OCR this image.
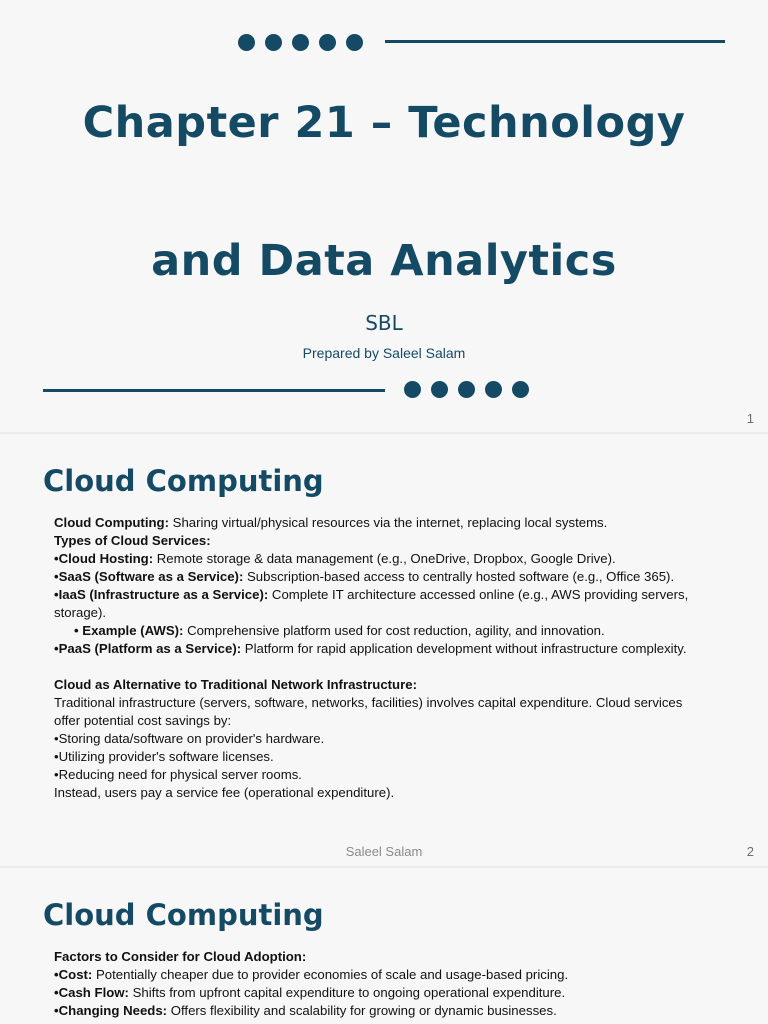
Chapter 21 – Technology
and Data Analytics
SBL
Prepared by Saleel Salam
1
Cloud Computing

Cloud Computing: Sharing virtual/physical resources via the internet, replacing local systems.

Types of Cloud Services:

•Cloud Hosting: Remote storage & data management (e.g., OneDrive, Dropbox, Google Drive).

•SaaS (Software as a Service): Subscription-based access to centrally hosted software (e.g., Office 365).

•IaaS (Infrastructure as a Service): Complete IT architecture accessed online (e.g., AWS providing servers, storage).

• Example (AWS): Comprehensive platform used for cost reduction, agility, and innovation.

•PaaS (Platform as a Service): Platform for rapid application development without infrastructure complexity.

Cloud as Alternative to Traditional Network Infrastructure:

Traditional infrastructure (servers, software, networks, facilities) involves capital expenditure. Cloud services offer potential cost savings by:

•Storing data/software on provider's hardware.

•Utilizing provider's software licenses.

•Reducing need for physical server rooms.

Instead, users pay a service fee (operational expenditure).

Saleel Salam	2
Cloud Computing

Factors to Consider for Cloud Adoption:

•Cost: Potentially cheaper due to provider economies of scale and usage-based pricing.

•Cash Flow: Shifts from upfront capital expenditure to ongoing operational expenditure.

•Changing Needs: Offers flexibility and scalability for growing or dynamic businesses.
